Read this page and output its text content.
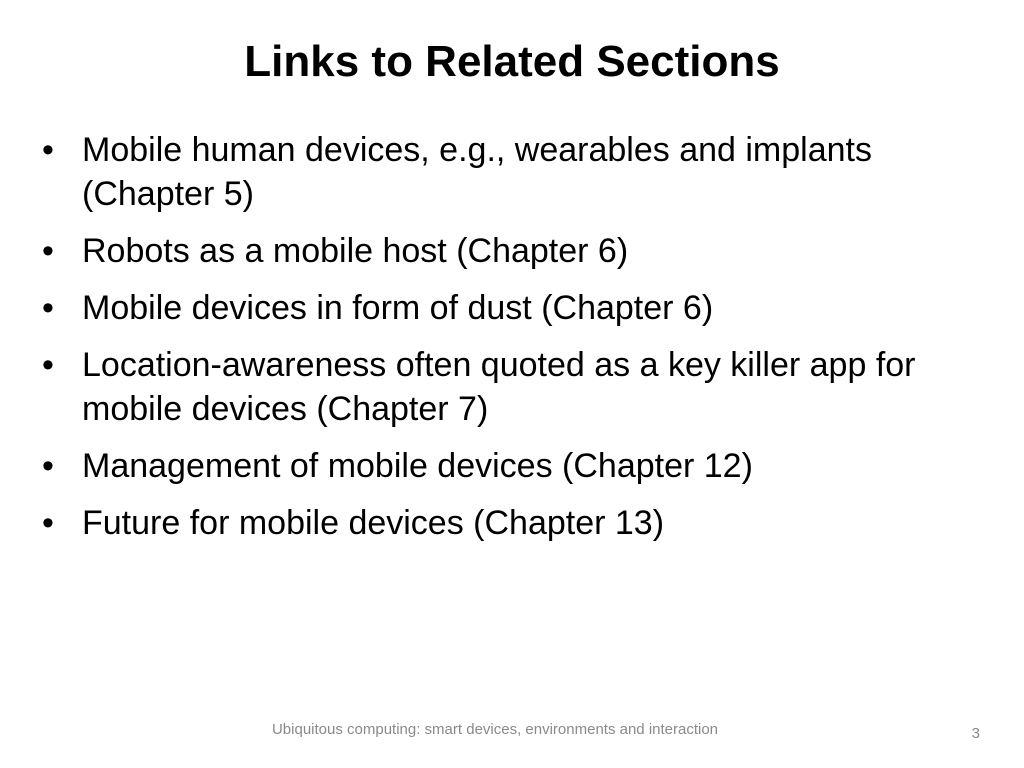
Links to Related Sections
• Mobile human devices, e.g., wearables and implants (Chapter 5)
• Robots as a mobile host (Chapter 6)
• Mobile devices in form of dust (Chapter 6)
• Location-awareness often quoted as a key killer app for mobile devices (Chapter 7)
• Management of mobile devices (Chapter 12)
• Future for mobile devices (Chapter 13)
Ubiquitous computing: smart devices, environments and interaction	3
